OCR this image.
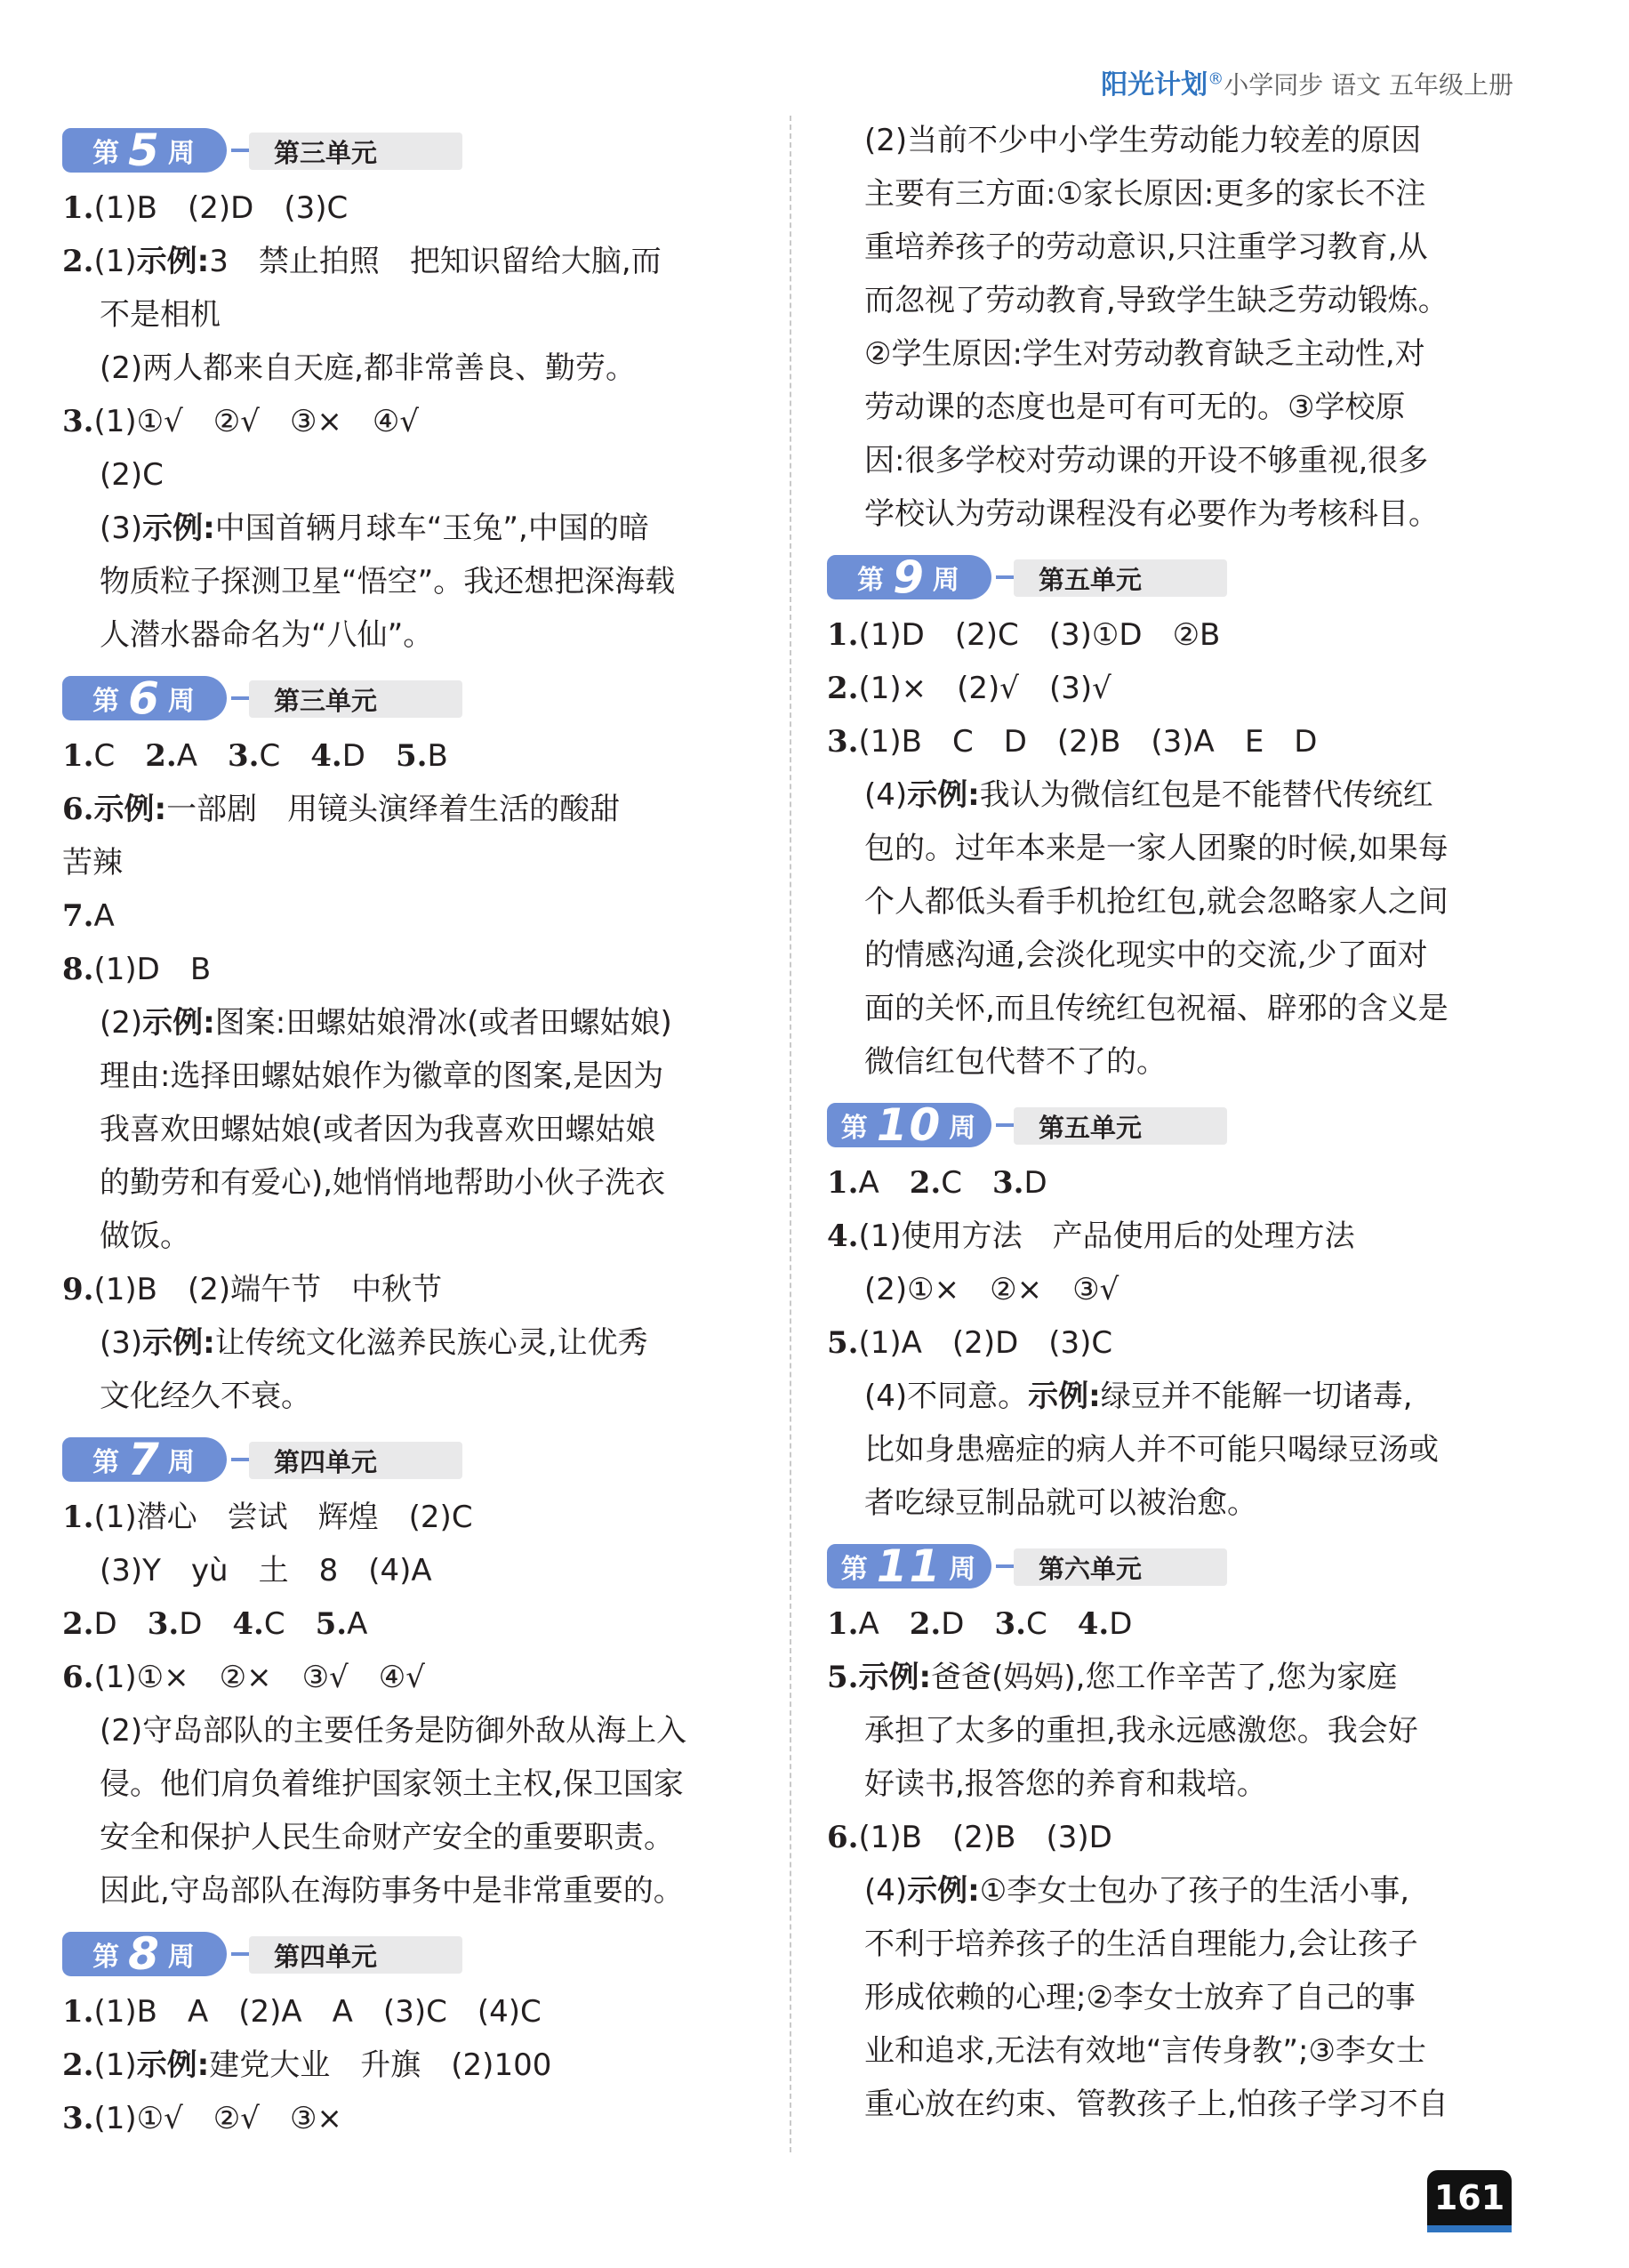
阳光计划®小学同步 语文 五年级上册
第 5 周	第三单元
1.(1)B　(2)D　(3)C
2.(1)示例:3　禁止拍照　把知识留给大脑,而
不是相机
(2)两人都来自天庭,都非常善良、勤劳。
3.(1)①√　②√　③×　④√
(2)C
(3)示例:中国首辆月球车“玉兔”,中国的暗
物质粒子探测卫星“悟空”。我还想把深海载
人潜水器命名为“八仙”。
第 6 周	第三单元
1.C　2.A　3.C　4.D　5.B
6.示例:一部剧　用镜头演绎着生活的酸甜
苦辣
7.A
8.(1)D　B
(2)示例:图案:田螺姑娘滑冰(或者田螺姑娘)
理由:选择田螺姑娘作为徽章的图案,是因为
我喜欢田螺姑娘(或者因为我喜欢田螺姑娘
的勤劳和有爱心),她悄悄地帮助小伙子洗衣
做饭。
9.(1)B　(2)端午节　中秋节
(3)示例:让传统文化滋养民族心灵,让优秀
文化经久不衰。
第 7 周	第四单元
1.(1)潜心　尝试　辉煌　(2)C
(3)Y　yù　土　8　(4)A
2.D　3.D　4.C　5.A
6.(1)①×　②×　③√　④√
(2)守岛部队的主要任务是防御外敌从海上入
侵。他们肩负着维护国家领土主权,保卫国家
安全和保护人民生命财产安全的重要职责。
因此,守岛部队在海防事务中是非常重要的。
第 8 周	第四单元
1.(1)B　A　(2)A　A　(3)C　(4)C
2.(1)示例:建党大业　升旗　(2)100
3.(1)①√　②√　③×
(2)当前不少中小学生劳动能力较差的原因
主要有三方面:①家长原因:更多的家长不注
重培养孩子的劳动意识,只注重学习教育,从
而忽视了劳动教育,导致学生缺乏劳动锻炼。
②学生原因:学生对劳动教育缺乏主动性,对
劳动课的态度也是可有可无的。③学校原
因:很多学校对劳动课的开设不够重视,很多
学校认为劳动课程没有必要作为考核科目。
第 9 周	第五单元
1.(1)D　(2)C　(3)①D　②B
2.(1)×　(2)√　(3)√
3.(1)B　C　D　(2)B　(3)A　E　D
(4)示例:我认为微信红包是不能替代传统红
包的。过年本来是一家人团聚的时候,如果每
个人都低头看手机抢红包,就会忽略家人之间
的情感沟通,会淡化现实中的交流,少了面对
面的关怀,而且传统红包祝福、辟邪的含义是
微信红包代替不了的。
第 10 周	第五单元
1.A　2.C　3.D
4.(1)使用方法　产品使用后的处理方法
(2)①×　②×　③√
5.(1)A　(2)D　(3)C
(4)不同意。示例:绿豆并不能解一切诸毒,
比如身患癌症的病人并不可能只喝绿豆汤或
者吃绿豆制品就可以被治愈。
第 11 周	第六单元
1.A　2.D　3.C　4.D
5.示例:爸爸(妈妈),您工作辛苦了,您为家庭
承担了太多的重担,我永远感激您。我会好
好读书,报答您的养育和栽培。
6.(1)B　(2)B　(3)D
(4)示例:①李女士包办了孩子的生活小事,
不利于培养孩子的生活自理能力,会让孩子
形成依赖的心理;②李女士放弃了自己的事
业和追求,无法有效地“言传身教”;③李女士
重心放在约束、管教孩子上,怕孩子学习不自
161
